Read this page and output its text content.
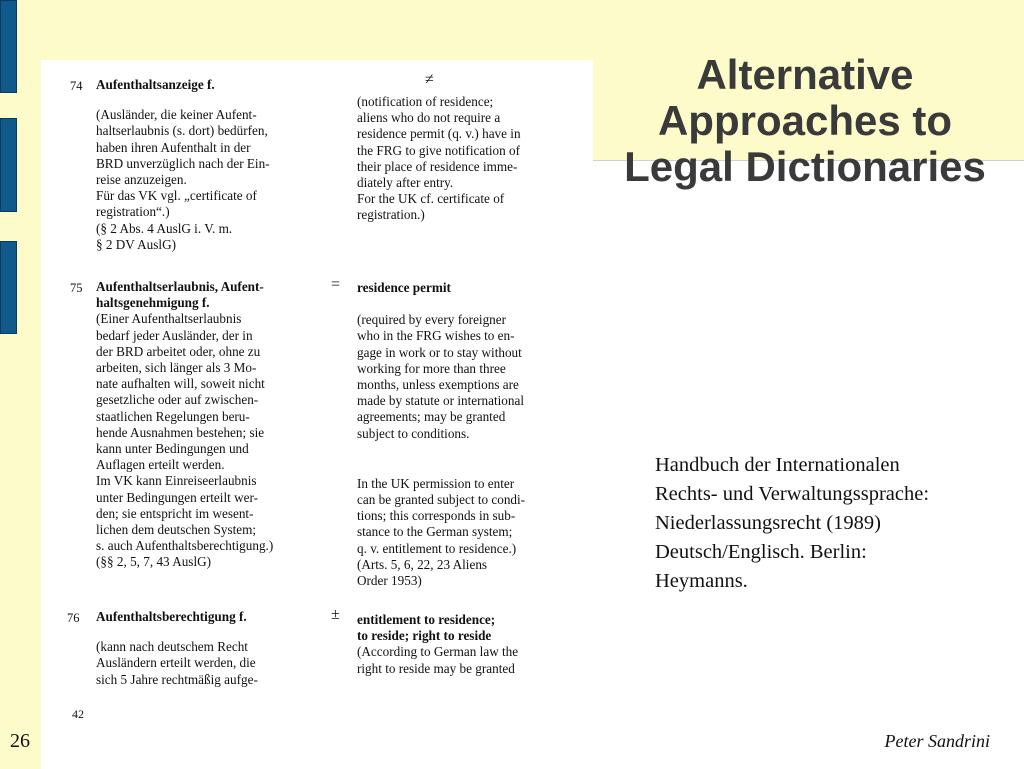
Alternative
Approaches to
Legal Dictionaries
74 Aufenthaltsanzeige f.
(Ausländer, die keiner Aufent-
haltserlaubnis (s. dort) bedürfen,
haben ihren Aufenthalt in der
BRD unverzüglich nach der Ein-
reise anzuzeigen.
Für das VK vgl. „certificate of
registration“.)
(§ 2 Abs. 4 AuslG i. V. m.
§ 2 DV AuslG)
≠
(notification of residence;
aliens who do not require a
residence permit (q. v.) have in
the FRG to give notification of
their place of residence imme-
diately after entry.
For the UK cf. certificate of
registration.)
75 Aufenthaltserlaubnis, Aufent-
haltsgenehmigung f.
(Einer Aufenthaltserlaubnis
bedarf jeder Ausländer, der in
der BRD arbeitet oder, ohne zu
arbeiten, sich länger als 3 Mo-
nate aufhalten will, soweit nicht
gesetzliche oder auf zwischen-
staatlichen Regelungen beru-
hende Ausnahmen bestehen; sie
kann unter Bedingungen und
Auflagen erteilt werden.
Im VK kann Einreiseerlaubnis
unter Bedingungen erteilt wer-
den; sie entspricht im wesent-
lichen dem deutschen System;
s. auch Aufenthaltsberechtigung.)
(§§ 2, 5, 7, 43 AuslG)
= residence permit
(required by every foreigner
who in the FRG wishes to en-
gage in work or to stay without
working for more than three
months, unless exemptions are
made by statute or international
agreements; may be granted
subject to conditions.
In the UK permission to enter
can be granted subject to condi-
tions; this corresponds in sub-
stance to the German system;
q. v. entitlement to residence.)
(Arts. 5, 6, 22, 23 Aliens
Order 1953)
76 Aufenthaltsberechtigung f.
(kann nach deutschem Recht
Ausländern erteilt werden, die
sich 5 Jahre rechtmäßig aufge-
± entitlement to residence;
to reside; right to reside
(According to German law the
right to reside may be granted
42
Handbuch der Internationalen
Rechts- und Verwaltungssprache:
Niederlassungsrecht (1989)
Deutsch/Englisch. Berlin:
Heymanns.
26	Peter Sandrini
